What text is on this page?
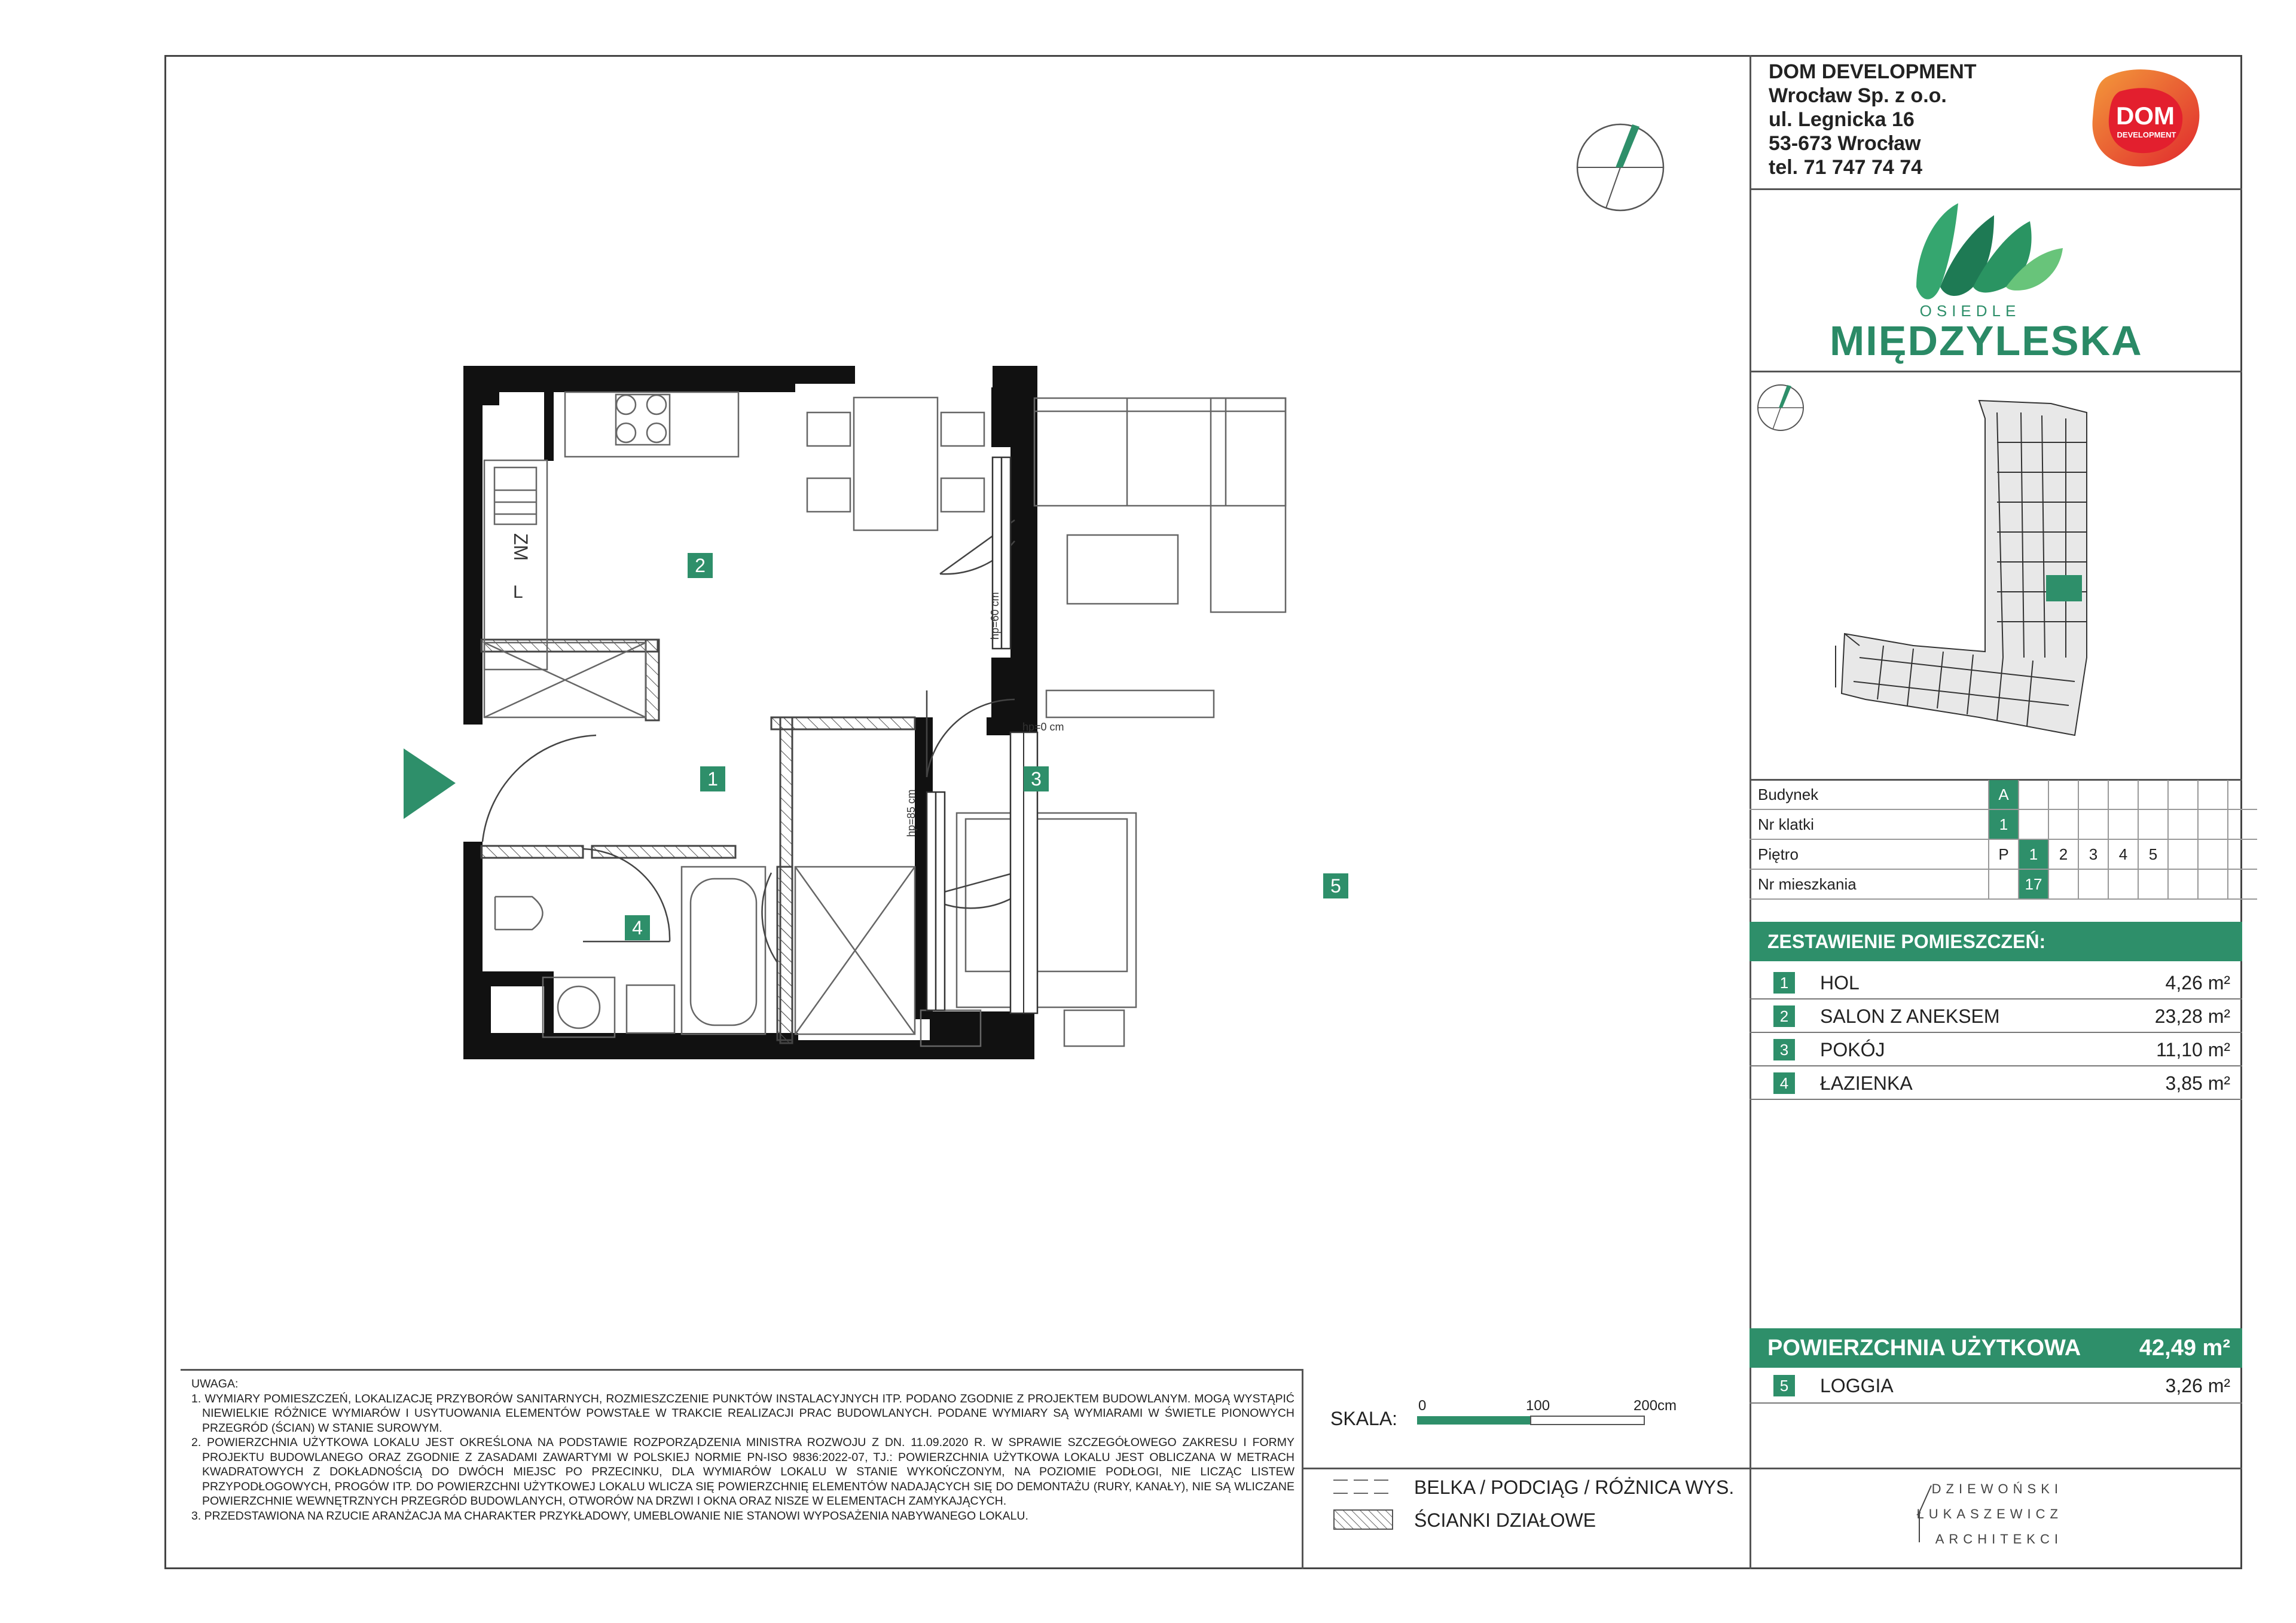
DOM DEVELOPMENT
Wrocław Sp. z o.o.
ul. Legnicka 16
53-673 Wrocław
tel. 71 747 74 74
DOM
DEVELOPMENT
OSIEDLE
MIĘDZYLESKA
Budynek	A								
Nr klatki	1								
Piętro	P	1	2	3	4	5			
Nr mieszkania		17							
ZESTAWIENIE POMIESZCZEŃ:
1	HOL	4,26 m²
2	SALON Z ANEKSEM	23,28 m²
3	POKÓJ	11,10 m²
4	ŁAZIENKA	3,85 m²
POWIERZCHNIA UŻYTKOWA	42,49 m²
5	LOGGIA	3,26 m²
DZIEWOŃSKI
ŁUKASZEWICZ
ARCHITEKCI
UWAGA:
1. WYMIARY POMIESZCZEŃ, LOKALIZACJĘ PRZYBORÓW SANITARNYCH, ROZMIESZCZENIE PUNKTÓW INSTALACYJNYCH ITP. PODANO ZGODNIE Z PROJEKTEM BUDOWLANYM. MOGĄ WYSTĄPIĆ NIEWIELKIE RÓŻNICE WYMIARÓW I USYTUOWANIA ELEMENTÓW POWSTAŁE W TRAKCIE REALIZACJI PRAC BUDOWLANYCH. PODANE WYMIARY SĄ WYMIARAMI W ŚWIETLE PIONOWYCH PRZEGRÓD (ŚCIAN) W STANIE SUROWYM.
2. POWIERZCHNIA UŻYTKOWA LOKALU JEST OKREŚLONA NA PODSTAWIE ROZPORZĄDZENIA MINISTRA ROZWOJU Z DN. 11.09.2020 R. W SPRAWIE SZCZEGÓŁOWEGO ZAKRESU I FORMY PROJEKTU BUDOWLANEGO ORAZ ZGODNIE Z ZASADAMI ZAWARTYMI W POLSKIEJ NORMIE PN-ISO 9836:2022-07, TJ.: POWIERZCHNIA UŻYTKOWA LOKALU JEST OBLICZANA W METRACH KWADRATOWYCH Z DOKŁADNOŚCIĄ DO DWÓCH MIEJSC PO PRZECINKU, DLA WYMIARÓW LOKALU W STANIE WYKOŃCZONYM, NA POZIOMIE PODŁOGI, NIE LICZĄC LISTEW PRZYPODŁOGOWYCH, PROGÓW ITP. DO POWIERZCHNI UŻYTKOWEJ LOKALU WLICZA SIĘ POWIERZCHNIĘ ELEMENTÓW NADAJĄCYCH SIĘ DO DEMONTAŻU (RURY, KANAŁY), NIE SĄ WLICZANE POWIERZCHNIE WEWNĘTRZNYCH PRZEGRÓD BUDOWLANYCH, OTWORÓW NA DRZWI I OKNA ORAZ NISZE W ELEMENTACH ZAMYKAJĄCYCH.
3. PRZEDSTAWIONA NA RZUCIE ARANŻACJA MA CHARAKTER PRZYKŁADOWY, UMEBLOWANIE NIE STANOWI WYPOSAŻENIA NABYWANEGO LOKALU.
SKALA:
0	100	200cm
BELKA / PODCIĄG / RÓŻNICA WYS.
ŚCIANKI DZIAŁOWE
ZM
L	hp=60 cm
hp=0 cm
hp=85 cm
2
1	3
4
5
